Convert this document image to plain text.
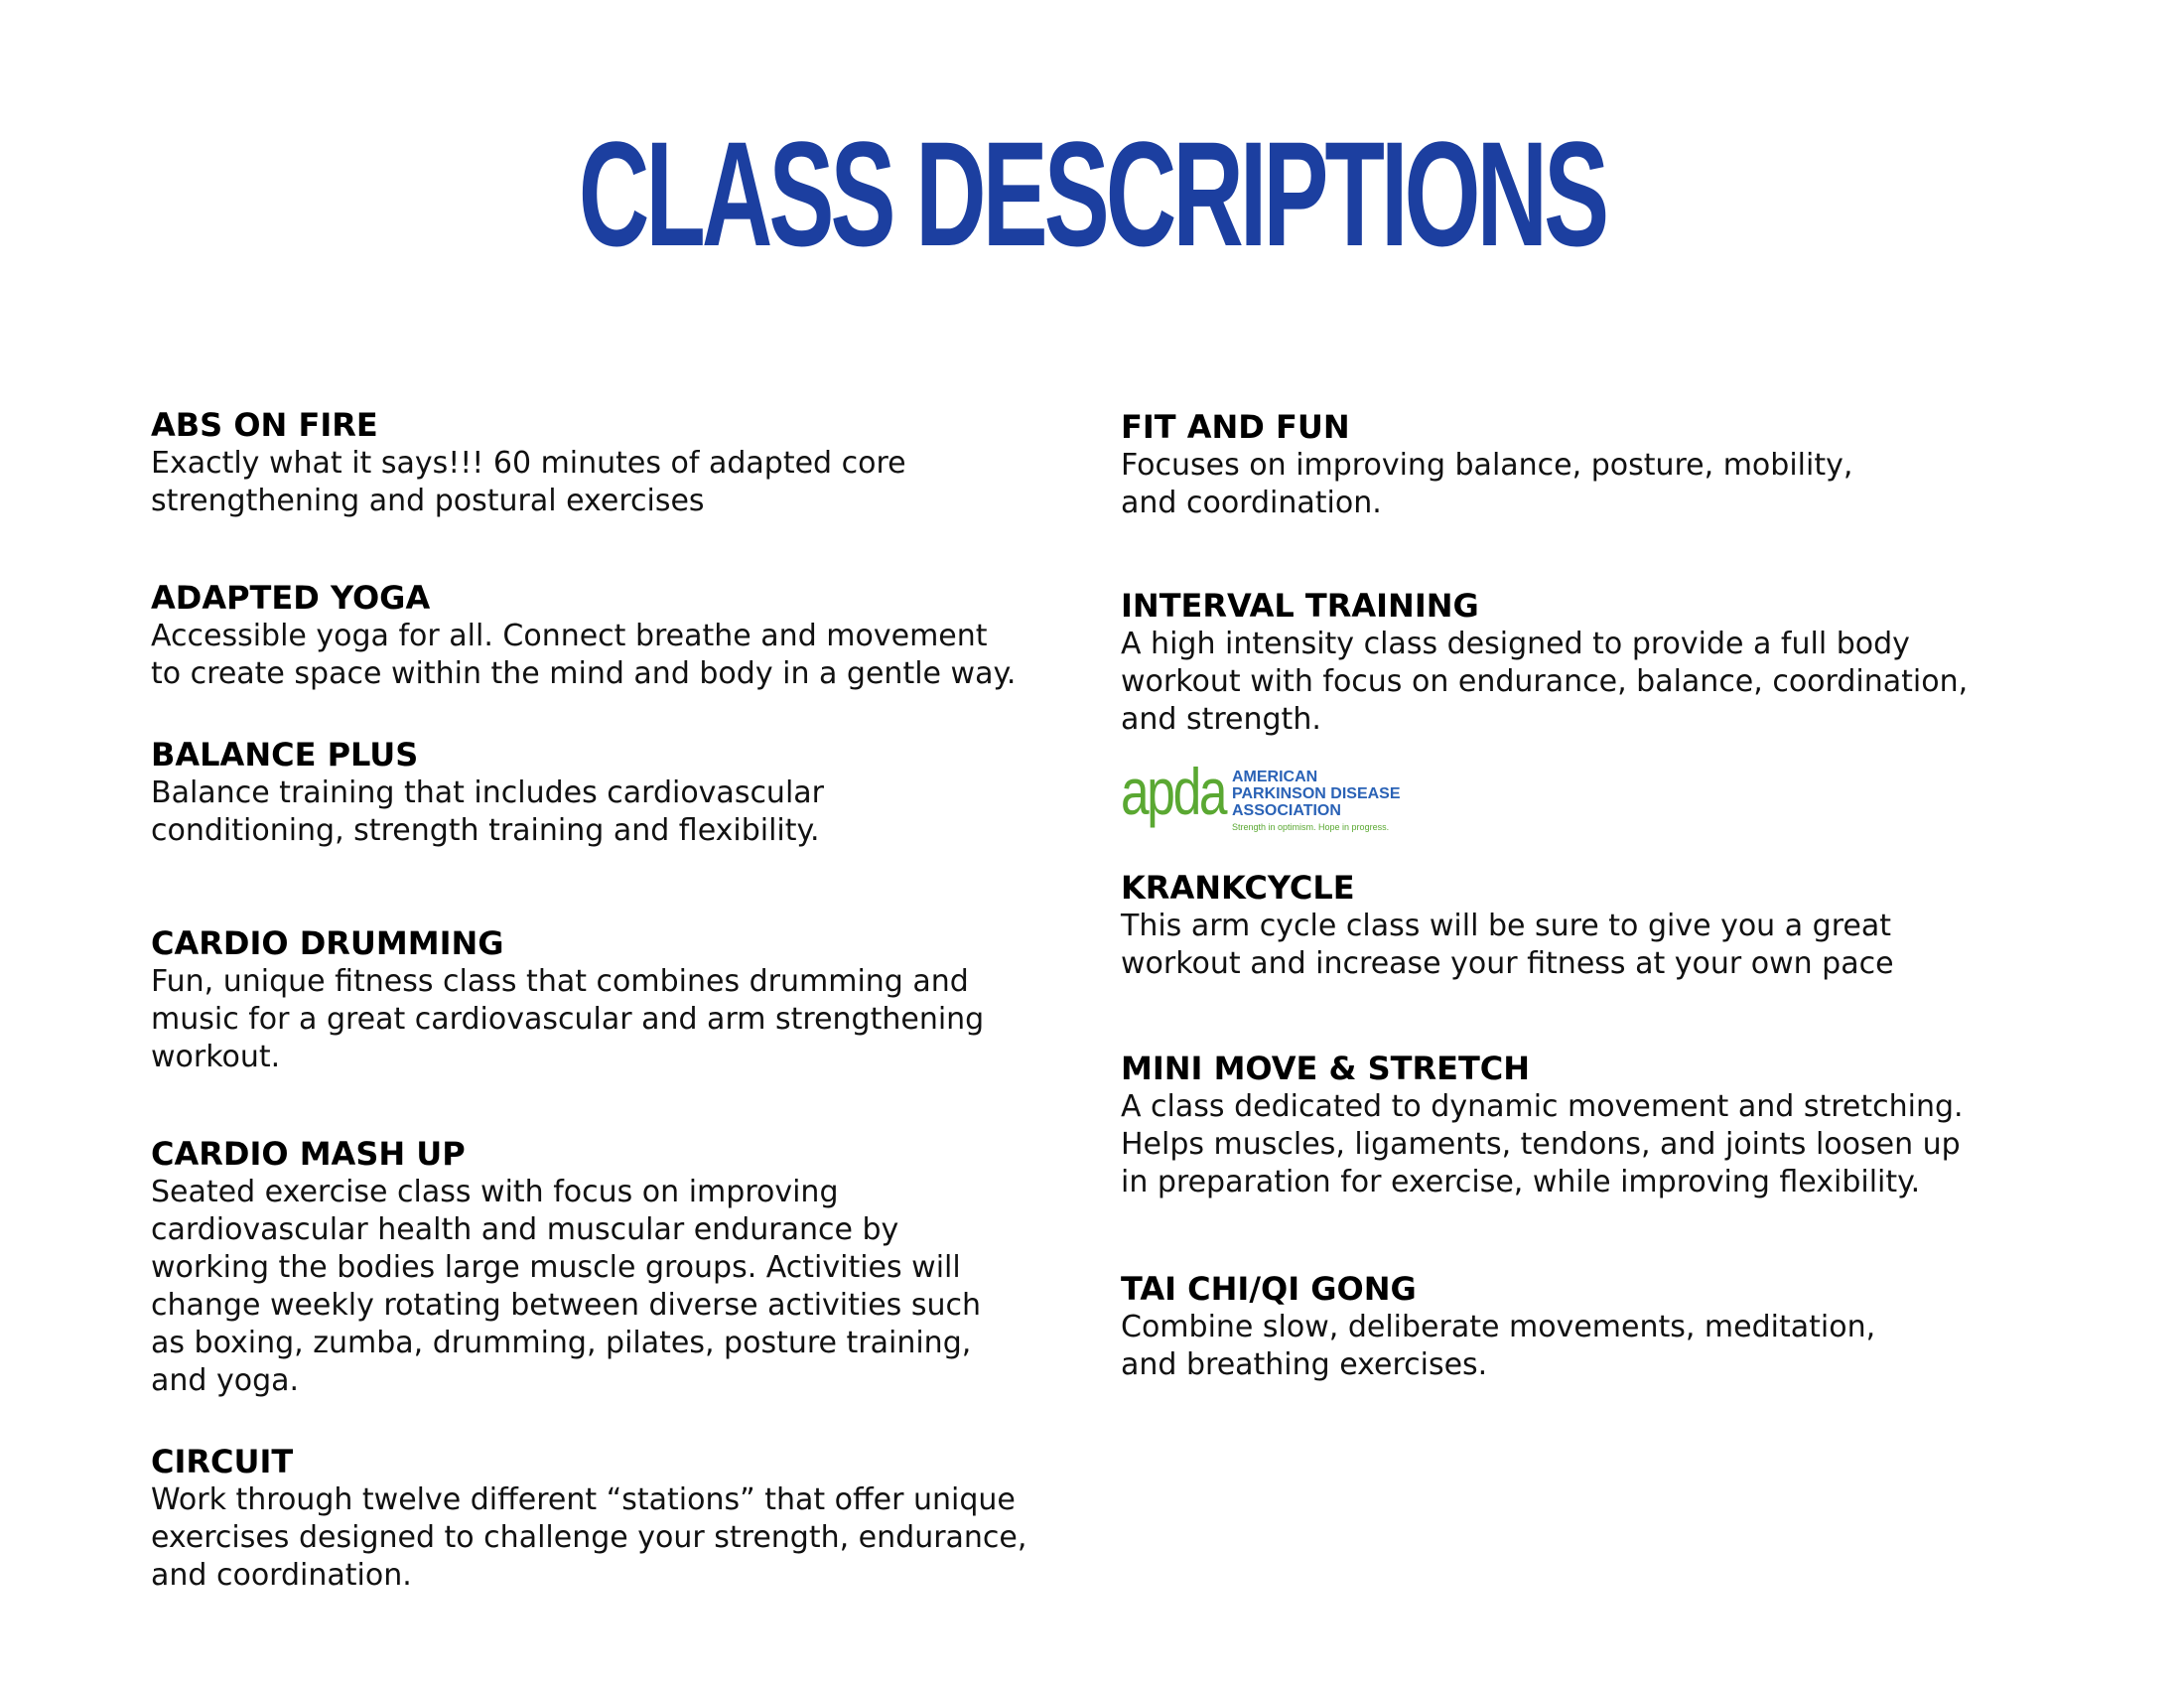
CLASS DESCRIPTIONS
ABS ON FIRE

Exactly what it says!!! 60 minutes of adapted core

strengthening and postural exercises

ADAPTED YOGA

Accessible yoga for all. Connect breathe and movement

to create space within the mind and body in a gentle way.

BALANCE PLUS

Balance training that includes cardiovascular

conditioning, strength training and flexibility.

CARDIO DRUMMING

Fun, unique fitness class that combines drumming and

music for a great cardiovascular and arm strengthening

workout.

CARDIO MASH UP

Seated exercise class with focus on improving

cardiovascular health and muscular endurance by

working the bodies large muscle groups. Activities will

change weekly rotating between diverse activities such

as boxing, zumba, drumming, pilates, posture training,

and yoga.

CIRCUIT

Work through twelve different “stations” that offer unique

exercises designed to challenge your strength, endurance,

and coordination.

FIT AND FUN

Focuses on improving balance, posture, mobility,

and coordination.

INTERVAL TRAINING

A high intensity class designed to provide a full body

workout with focus on endurance, balance, coordination,

and strength.

apda AMERICAN
PARKINSON DISEASE
ASSOCIATION
Strength in optimism. Hope in progress.
KRANKCYCLE

This arm cycle class will be sure to give you a great

workout and increase your fitness at your own pace

MINI MOVE & STRETCH

A class dedicated to dynamic movement and stretching.

Helps muscles, ligaments, tendons, and joints loosen up

in preparation for exercise, while improving flexibility.

TAI CHI/QI GONG

Combine slow, deliberate movements, meditation,

and breathing exercises.
